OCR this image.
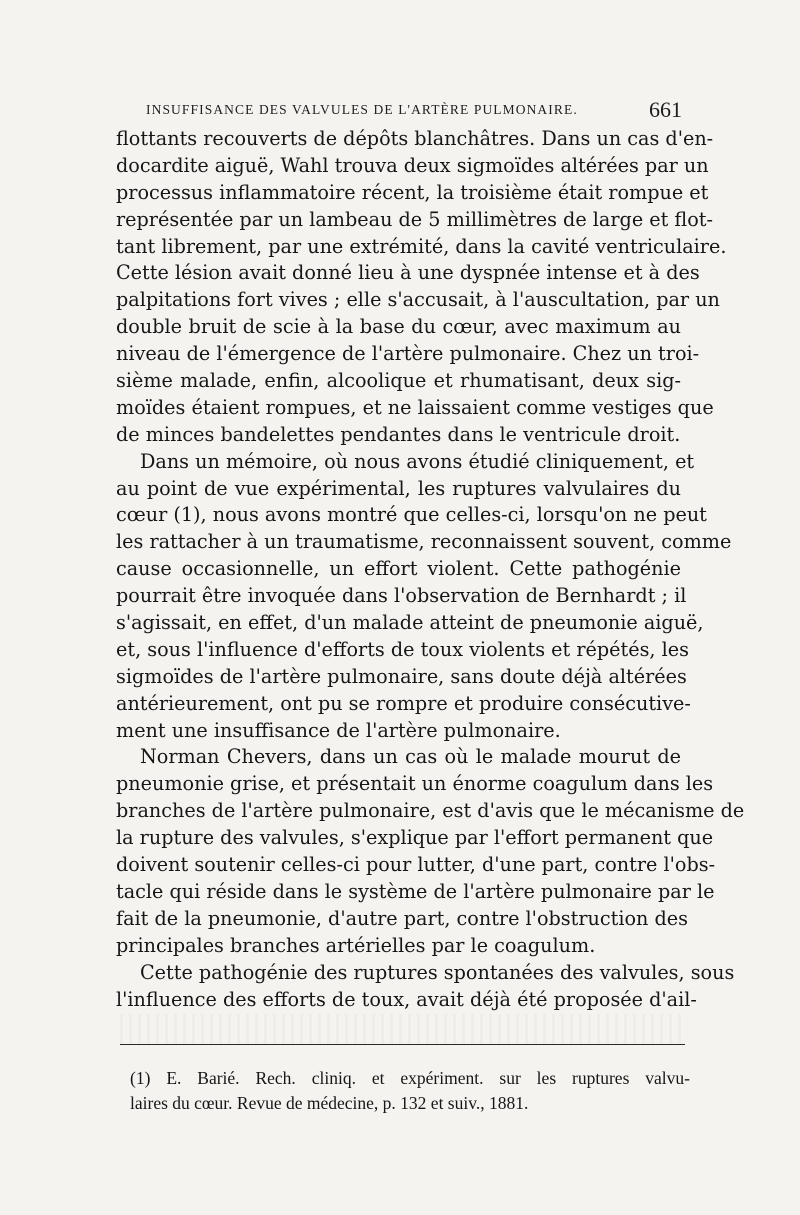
INSUFFISANCE DES VALVULES DE L'ARTÈRE PULMONAIRE.	661
flottants recouverts de dépôts blanchâtres. Dans un cas d'en-
docardite aiguë, Wahl trouva deux sigmoïdes altérées par un
processus inflammatoire récent, la troisième était rompue et
représentée par un lambeau de 5 millimètres de large et flot-
tant librement, par une extrémité, dans la cavité ventriculaire.
Cette lésion avait donné lieu à une dyspnée intense et à des
palpitations fort vives ; elle s'accusait, à l'auscultation, par un
double bruit de scie à la base du cœur, avec maximum au
niveau de l'émergence de l'artère pulmonaire. Chez un troi-
sième malade, enfin, alcoolique et rhumatisant, deux sig-
moïdes étaient rompues, et ne laissaient comme vestiges que
de minces bandelettes pendantes dans le ventricule droit.
Dans un mémoire, où nous avons étudié cliniquement, et
au point de vue expérimental, les ruptures valvulaires du
cœur (1), nous avons montré que celles-ci, lorsqu'on ne peut
les rattacher à un traumatisme, reconnaissent souvent, comme
cause occasionnelle, un effort violent. Cette pathogénie
pourrait être invoquée dans l'observation de Bernhardt ; il
s'agissait, en effet, d'un malade atteint de pneumonie aiguë,
et, sous l'influence d'efforts de toux violents et répétés, les
sigmoïdes de l'artère pulmonaire, sans doute déjà altérées
antérieurement, ont pu se rompre et produire consécutive-
ment une insuffisance de l'artère pulmonaire.
Norman Chevers, dans un cas où le malade mourut de
pneumonie grise, et présentait un énorme coagulum dans les
branches de l'artère pulmonaire, est d'avis que le mécanisme de
la rupture des valvules, s'explique par l'effort permanent que
doivent soutenir celles-ci pour lutter, d'une part, contre l'obs-
tacle qui réside dans le système de l'artère pulmonaire par le
fait de la pneumonie, d'autre part, contre l'obstruction des
principales branches artérielles par le coagulum.
Cette pathogénie des ruptures spontanées des valvules, sous
l'influence des efforts de toux, avait déjà été proposée d'ail-
(1) E. Barié. Rech. cliniq. et expériment. sur les ruptures valvu-
laires du cœur. Revue de médecine, p. 132 et suiv., 1881.
